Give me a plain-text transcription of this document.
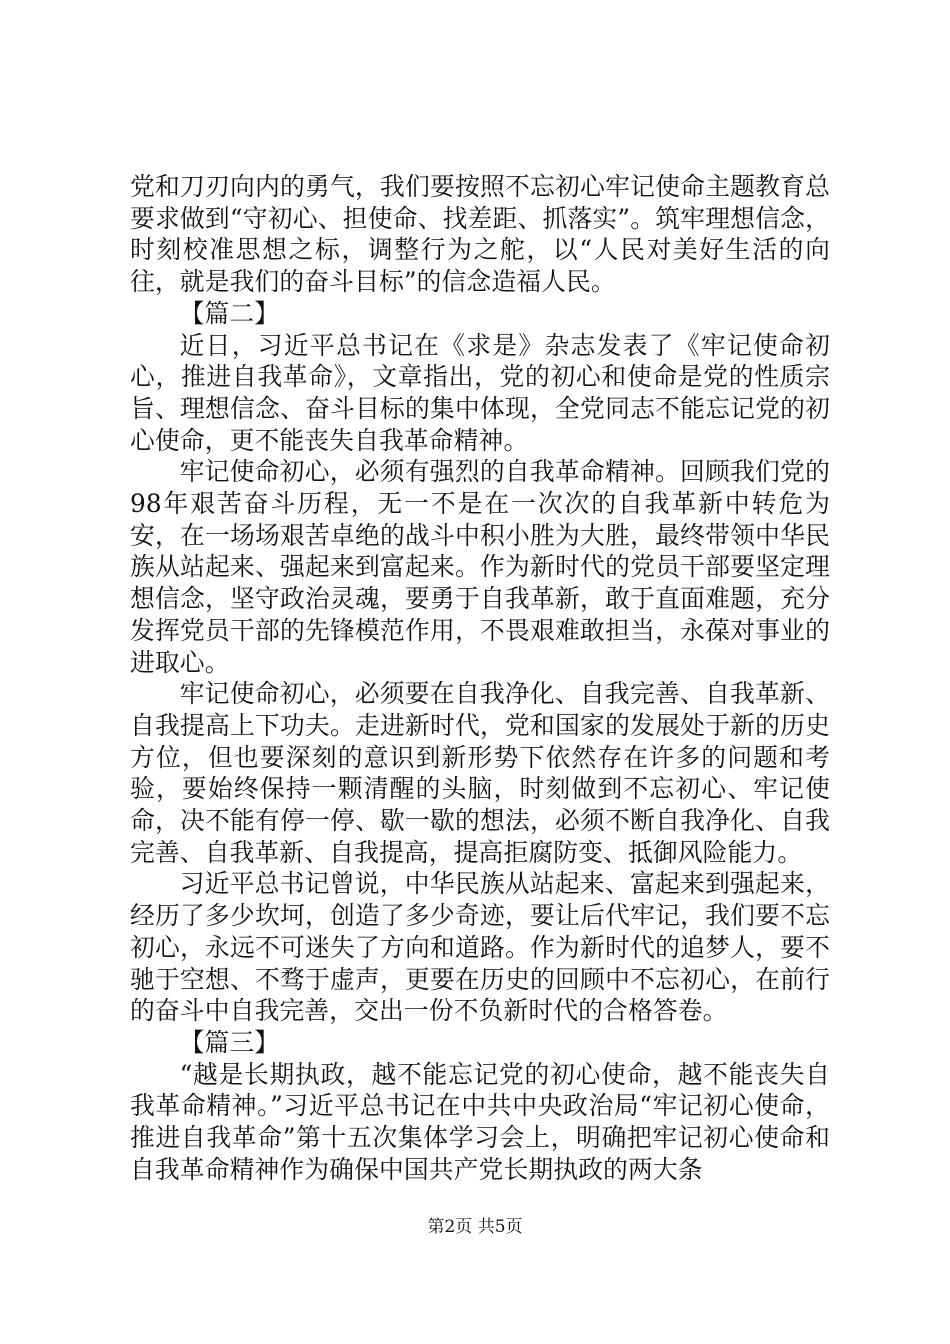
党和刀刃向内的勇气，我们要按照不忘初心牢记使命主题教育总要求做到“守初心、担使命、找差距、抓落实”。筑牢理想信念，时刻校准思想之标，调整行为之舵，以“人民对美好生活的向往，就是我们的奋斗目标”的信念造福人民。

【篇二】

近日，习近平总书记在《求是》杂志发表了《牢记使命初心，推进自我革命》，文章指出，党的初心和使命是党的性质宗旨、理想信念、奋斗目标的集中体现，全党同志不能忘记党的初心使命，更不能丧失自我革命精神。

牢记使命初心，必须有强烈的自我革命精神。回顾我们党的98年艰苦奋斗历程，无一不是在一次次的自我革新中转危为安，在一场场艰苦卓绝的战斗中积小胜为大胜，最终带领中华民族从站起来、强起来到富起来。作为新时代的党员干部要坚定理想信念，坚守政治灵魂，要勇于自我革新，敢于直面难题，充分发挥党员干部的先锋模范作用，不畏艰难敢担当，永葆对事业的进取心。

牢记使命初心，必须要在自我净化、自我完善、自我革新、自我提高上下功夫。走进新时代，党和国家的发展处于新的历史方位，但也要深刻的意识到新形势下依然存在许多的问题和考验，要始终保持一颗清醒的头脑，时刻做到不忘初心、牢记使命，决不能有停一停、歇一歇的想法，必须不断自我净化、自我完善、自我革新、自我提高，提高拒腐防变、抵御风险能力。

习近平总书记曾说，中华民族从站起来、富起来到强起来，经历了多少坎坷，创造了多少奇迹，要让后代牢记，我们要不忘初心，永远不可迷失了方向和道路。作为新时代的追梦人，要不驰于空想、不骛于虚声，更要在历史的回顾中不忘初心，在前行的奋斗中自我完善，交出一份不负新时代的合格答卷。

【篇三】

“越是长期执政，越不能忘记党的初心使命，越不能丧失自我革命精神。”习近平总书记在中共中央政治局“牢记初心使命，推进自我革命”第十五次集体学习会上，明确把牢记初心使命和自我革命精神作为确保中国共产党长期执政的两大条

第2页 共5页
